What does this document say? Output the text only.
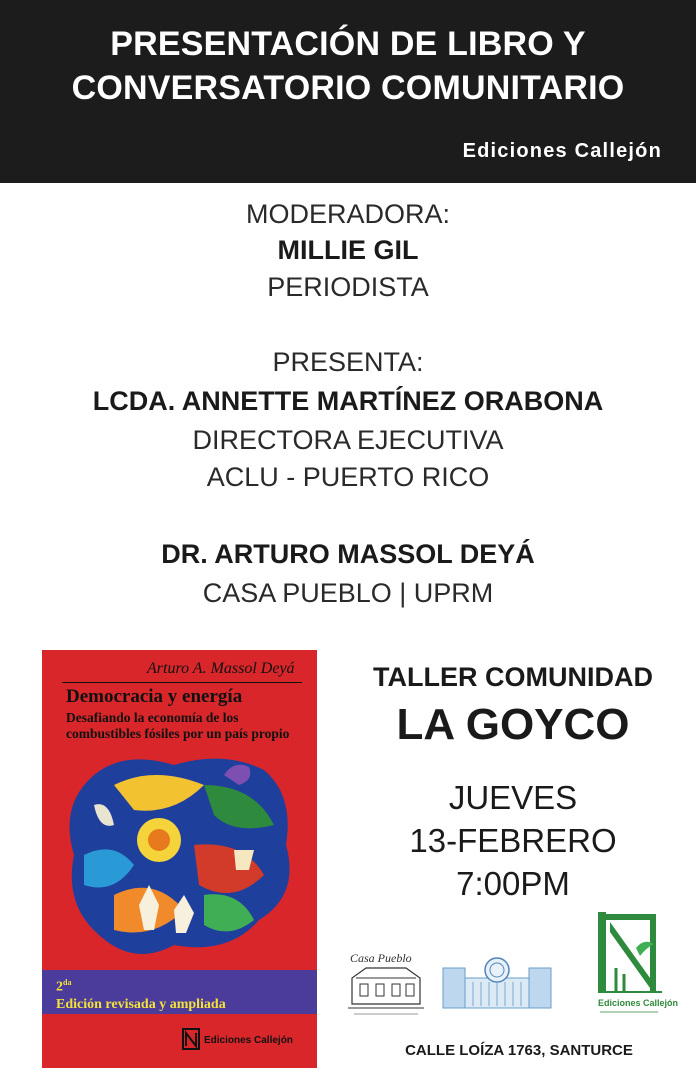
PRESENTACIÓN DE LIBRO Y
CONVERSATORIO COMUNITARIO
Ediciones Callejón
MODERADORA:
MILLIE GIL
PERIODISTA
PRESENTA:
LCDA. ANNETTE MARTÍNEZ ORABONA
DIRECTORA EJECUTIVA
ACLU - PUERTO RICO
DR. ARTURO MASSOL DEYÁ
CASA PUEBLO | UPRM
Arturo A. Massol Deyá
Democracia y energía
Desafiando la economía de los
combustibles fósiles por un país propio
$2^{da}$
Edición revisada y ampliada
Ediciones Callejón
TALLER COMUNIDAD
LA GOYCO
JUEVES
13-FEBRERO
7:00PM
Casa Pueblo
Ediciones Callejón
CALLE LOÍZA 1763, SANTURCE
